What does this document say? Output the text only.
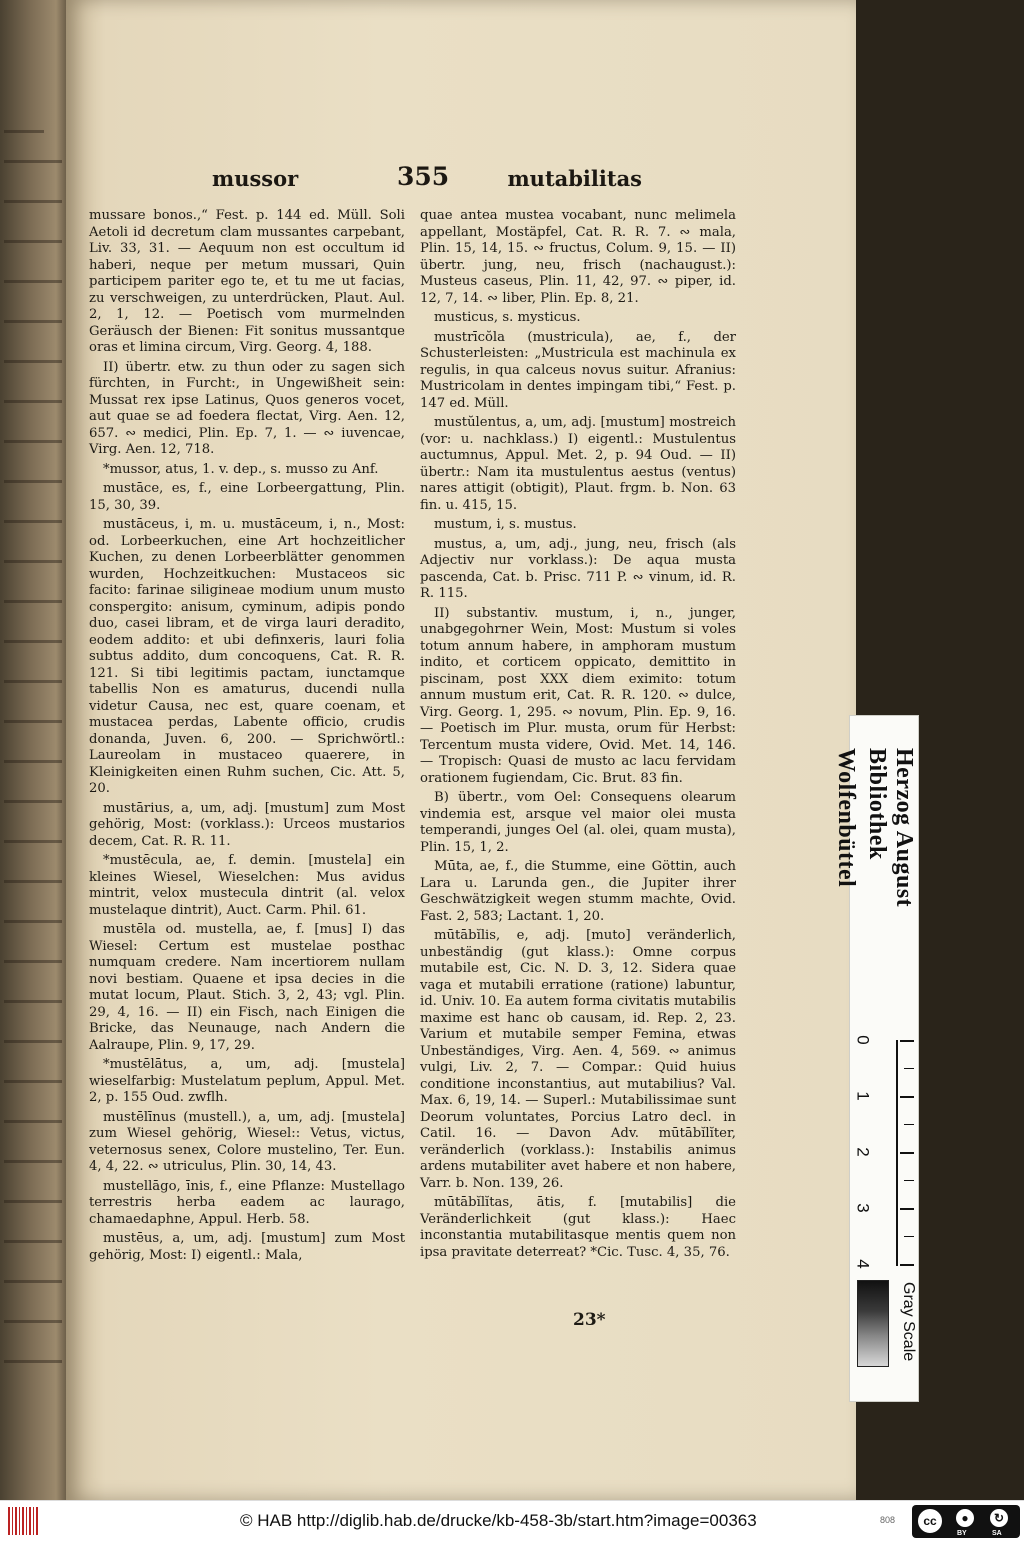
mussor	355	mutabilitas

mussare bonos.,“ Fest. p. 144 ed. Müll. Soli Aetoli id decretum clam mussantes carpebant, Liv. 33, 31. — Aequum non est occultum id haberi, neque per metum mussari, Quin participem pariter ego te, et tu me ut facias, zu verschweigen, zu unterdrücken, Plaut. Aul. 2, 1, 12. — Poetisch vom murmelnden Geräusch der Bienen: Fit sonitus mussantque oras et limina circum, Virg. Georg. 4, 188.

II) übertr. etw. zu thun oder zu sagen sich fürchten, in Furcht:, in Ungewißheit sein: Mussat rex ipse Latinus, Quos generos vocet, aut quae se ad foedera flectat, Virg. Aen. 12, 657. ∾ medici, Plin. Ep. 7, 1. — ∾ iuvencae, Virg. Aen. 12, 718.

*mussor, atus, 1. v. dep., s. musso zu Anf.

mustāce, es, f., eine Lorbeergattung, Plin. 15, 30, 39.

mustāceus, i, m. u. mustāceum, i, n., Most: od. Lorbeerkuchen, eine Art hochzeitlicher Kuchen, zu denen Lorbeerblätter genommen wurden, Hochzeitkuchen: Mustaceos sic facito: farinae siligineae modium unum musto conspergito: anisum, cyminum, adipis pondo duo, casei libram, et de virga lauri deradito, eodem addito: et ubi definxeris, lauri folia subtus addito, dum concoquens, Cat. R. R. 121. Si tibi legitimis pactam, iunctamque tabellis Non es amaturus, ducendi nulla videtur Causa, nec est, quare coenam, et mustacea perdas, Labente officio, crudis donanda, Juven. 6, 200. — Sprichwörtl.: Laureolam in mustaceo quaerere, in Kleinigkeiten einen Ruhm suchen, Cic. Att. 5, 20.

mustārius, a, um, adj. [mustum] zum Most gehörig, Most: (vorklass.): Urceos mustarios decem, Cat. R. R. 11.

*mustēcula, ae, f. demin. [mustela] ein kleines Wiesel, Wieselchen: Mus avidus mintrit, velox mustecula dintrit (al. velox mustelaque dintrit), Auct. Carm. Phil. 61.

mustēla od. mustella, ae, f. [mus] I) das Wiesel: Certum est mustelae posthac numquam credere. Nam incertiorem nullam novi bestiam. Quaene et ipsa decies in die mutat locum, Plaut. Stich. 3, 2, 43; vgl. Plin. 29, 4, 16. — II) ein Fisch, nach Einigen die Bricke, das Neunauge, nach Andern die Aalraupe, Plin. 9, 17, 29.

*mustēlātus, a, um, adj. [mustela] wieselfarbig: Mustelatum peplum, Appul. Met. 2, p. 155 Oud. zwflh.

mustēlīnus (mustell.), a, um, adj. [mustela] zum Wiesel gehörig, Wiesel:: Vetus, victus, veternosus senex, Colore mustelino, Ter. Eun. 4, 4, 22. ∾ utriculus, Plin. 30, 14, 43.

mustellāgo, īnis, f., eine Pflanze: Mustellago terrestris herba eadem ac laurago, chamaedaphne, Appul. Herb. 58.

mustēus, a, um, adj. [mustum] zum Most gehörig, Most: I) eigentl.: Mala,

quae antea mustea vocabant, nunc melimela appellant, Mostäpfel, Cat. R. R. 7. ∾ mala, Plin. 15, 14, 15. ∾ fructus, Colum. 9, 15. — II) übertr. jung, neu, frisch (nachaugust.): Musteus caseus, Plin. 11, 42, 97. ∾ piper, id. 12, 7, 14. ∾ liber, Plin. Ep. 8, 21.

musticus, s. mysticus.

mustrīcŏla (mustricula), ae, f., der Schusterleisten: „Mustricula est machinula ex regulis, in qua calceus novus suitur. Afranius: Mustricolam in dentes impingam tibi,“ Fest. p. 147 ed. Müll.

mustŭlentus, a, um, adj. [mustum] mostreich (vor: u. nachklass.) I) eigentl.: Mustulentus auctumnus, Appul. Met. 2, p. 94 Oud. — II) übertr.: Nam ita mustulentus aestus (ventus) nares attigit (obtigit), Plaut. frgm. b. Non. 63 fin. u. 415, 15.

mustum, i, s. mustus.

mustus, a, um, adj., jung, neu, frisch (als Adjectiv nur vorklass.): De aqua musta pascenda, Cat. b. Prisc. 711 P. ∾ vinum, id. R. R. 115.

II) substantiv. mustum, i, n., junger, unabgegohrner Wein, Most: Mustum si voles totum annum habere, in amphoram mustum indito, et corticem oppicato, demittito in piscinam, post XXX diem eximito: totum annum mustum erit, Cat. R. R. 120. ∾ dulce, Virg. Georg. 1, 295. ∾ novum, Plin. Ep. 9, 16. — Poetisch im Plur. musta, orum für Herbst: Tercentum musta videre, Ovid. Met. 14, 146. — Tropisch: Quasi de musto ac lacu fervidam orationem fugiendam, Cic. Brut. 83 fin.

B) übertr., vom Oel: Consequens olearum vindemia est, arsque vel maior olei musta temperandi, junges Oel (al. olei, quam musta), Plin. 15, 1, 2.

Mūta, ae, f., die Stumme, eine Göttin, auch Lara u. Larunda gen., die Jupiter ihrer Geschwätzigkeit wegen stumm machte, Ovid. Fast. 2, 583; Lactant. 1, 20.

mūtābĭlis, e, adj. [muto] veränderlich, unbeständig (gut klass.): Omne corpus mutabile est, Cic. N. D. 3, 12. Sidera quae vaga et mutabili erratione (ratione) labuntur, id. Univ. 10. Ea autem forma civitatis mutabilis maxime est hanc ob causam, id. Rep. 2, 23. Varium et mutabile semper Femina, etwas Unbeständiges, Virg. Aen. 4, 569. ∾ animus vulgi, Liv. 2, 7. — Compar.: Quid huius conditione inconstantius, aut mutabilius? Val. Max. 6, 19, 14. — Superl.: Mutabilissimae sunt Deorum voluntates, Porcius Latro decl. in Catil. 16. — Davon Adv. mūtābĭlĭter, veränderlich (vorklass.): Instabilis animus ardens mutabiliter avet habere et non habere, Varr. b. Non. 139, 26.

mūtābĭlĭtas, ātis, f. [mutabilis] die Veränderlichkeit (gut klass.): Haec inconstantia mutabilitasque mentis quem non ipsa pravitate deterreat? *Cic. Tusc. 4, 35, 76.

23*
Herzog August Bibliothek
Wolfenbüttel
0
1
2
3
4
Gray Scale
© HAB http://diglib.hab.de/drucke/kb-458-3b/start.htm?image=00363	808	cc	●	↻
BY	SA
